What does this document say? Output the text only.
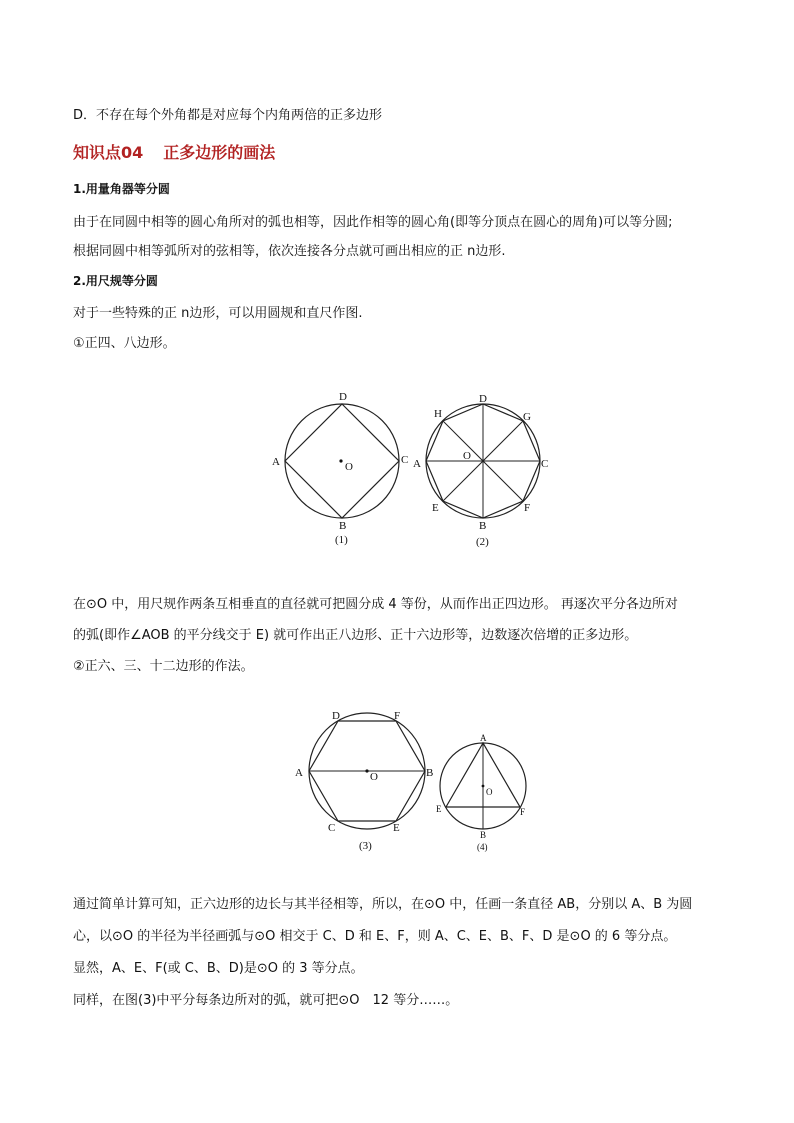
D．不存在每个外角都是对应每个内角两倍的正多边形
知识点04 正多边形的画法
1.用量角器等分圆
由于在同圆中相等的圆心角所对的弧也相等，因此作相等的圆心角(即等分顶点在圆心的周角)可以等分圆;
根据同圆中相等弧所对的弦相等，依次连接各分点就可画出相应的正 n边形.
2.用尺规等分圆
对于一些特殊的正 n边形，可以用圆规和直尺作图.
①正四、八边形。
D
A	C
B
O
(1)
D
H	G
A	C
O
E	F
B
(2)
在⊙O 中，用尺规作两条互相垂直的直径就可把圆分成 4 等份，从而作出正四边形。 再逐次平分各边所对
的弧(即作∠AOB 的平分线交于 E) 就可作出正八边形、正十六边形等，边数逐次倍增的正多边形。
②正六、三、十二边形的作法。
D	F
A	B
O
C	E
(3)
A
O
E	F
B
(4)
通过简单计算可知，正六边形的边长与其半径相等，所以，在⊙O 中，任画一条直径 AB，分别以 A、B 为圆
心，以⊙O 的半径为半径画弧与⊙O 相交于 C、D 和 E、F，则 A、C、E、B、F、D 是⊙O 的 6 等分点。
显然，A、E、F(或 C、B、D)是⊙O 的 3 等分点。
同样，在图(3)中平分每条边所对的弧，就可把⊙O　12 等分……。
